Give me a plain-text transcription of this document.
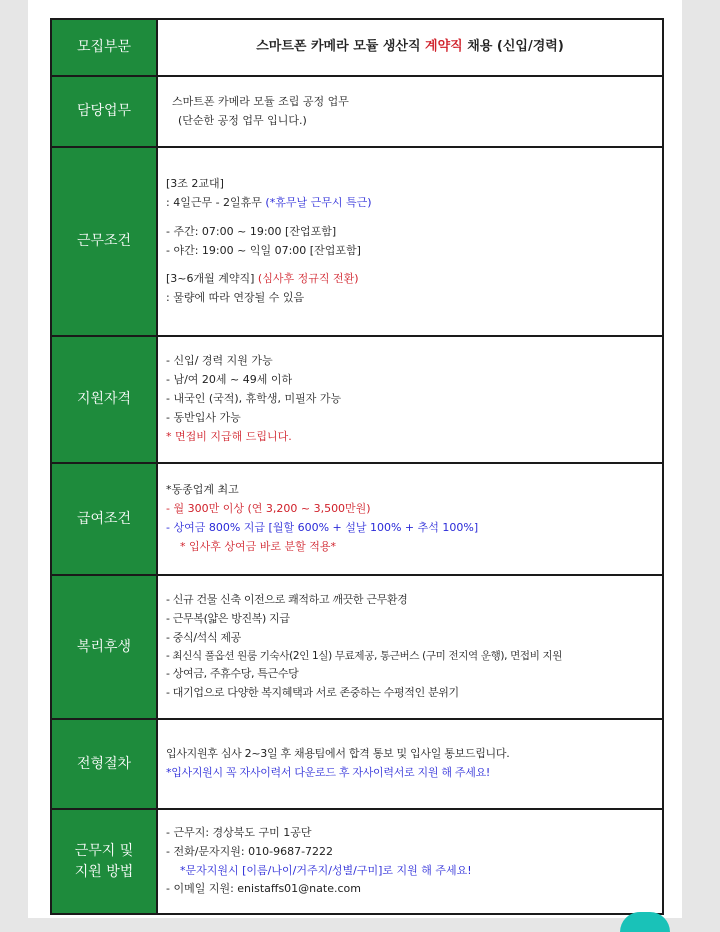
모집부문	스마트폰 카메라 모듈 생산직 계약직 채용 (신입/경력)
담당업무
스마트폰 카메라 모듈 조립 공정 업무
(단순한 공정 업무 입니다.)
근무조건
[3조 2교대]
: 4일근무 - 2일휴무 (*휴무날 근무시 특근)
- 주간: 07:00 ~ 19:00 [잔업포함]
- 야간: 19:00 ~ 익일 07:00 [잔업포함]
[3~6개월 계약직] (심사후 정규직 전환)
: 물량에 따라 연장될 수 있음
지원자격
- 신입/ 경력 지원 가능
- 남/여 20세 ~ 49세 이하
- 내국인 (국적), 휴학생, 미필자 가능
- 동반입사 가능
* 면접비 지급해 드립니다.
급여조건
*동종업계 최고
- 월 300만 이상 (연 3,200 ~ 3,500만원)
- 상여금 800% 지급 [월할 600% + 설날 100% + 추석 100%]
* 입사후 상여금 바로 분할 적용*
복리후생
- 신규 건물 신축 이전으로 쾌적하고 깨끗한 근무환경
- 근무복(얇은 방진복) 지급
- 중식/석식 제공
- 최신식 풀옵션 원룸 기숙사(2인 1실) 무료제공, 통근버스 (구미 전지역 운행), 면접비 지원
- 상여금, 주휴수당, 특근수당
- 대기업으로 다양한 복지혜택과 서로 존중하는 수평적인 분위기
전형절차
입사지원후 심사 2~3일 후 채용팀에서 합격 통보 및 입사일 통보드립니다.
*입사지원시 꼭 자사이력서 다운로드 후 자사이력서로 지원 해 주세요!
근무지 및
지원 방법
- 근무지: 경상북도 구미 1공단
- 전화/문자지원: 010-9687-7222
*문자지원시 [이름/나이/거주지/성별/구미]로 지원 해 주세요!
- 이메일 지원: enistaffs01@nate.com
